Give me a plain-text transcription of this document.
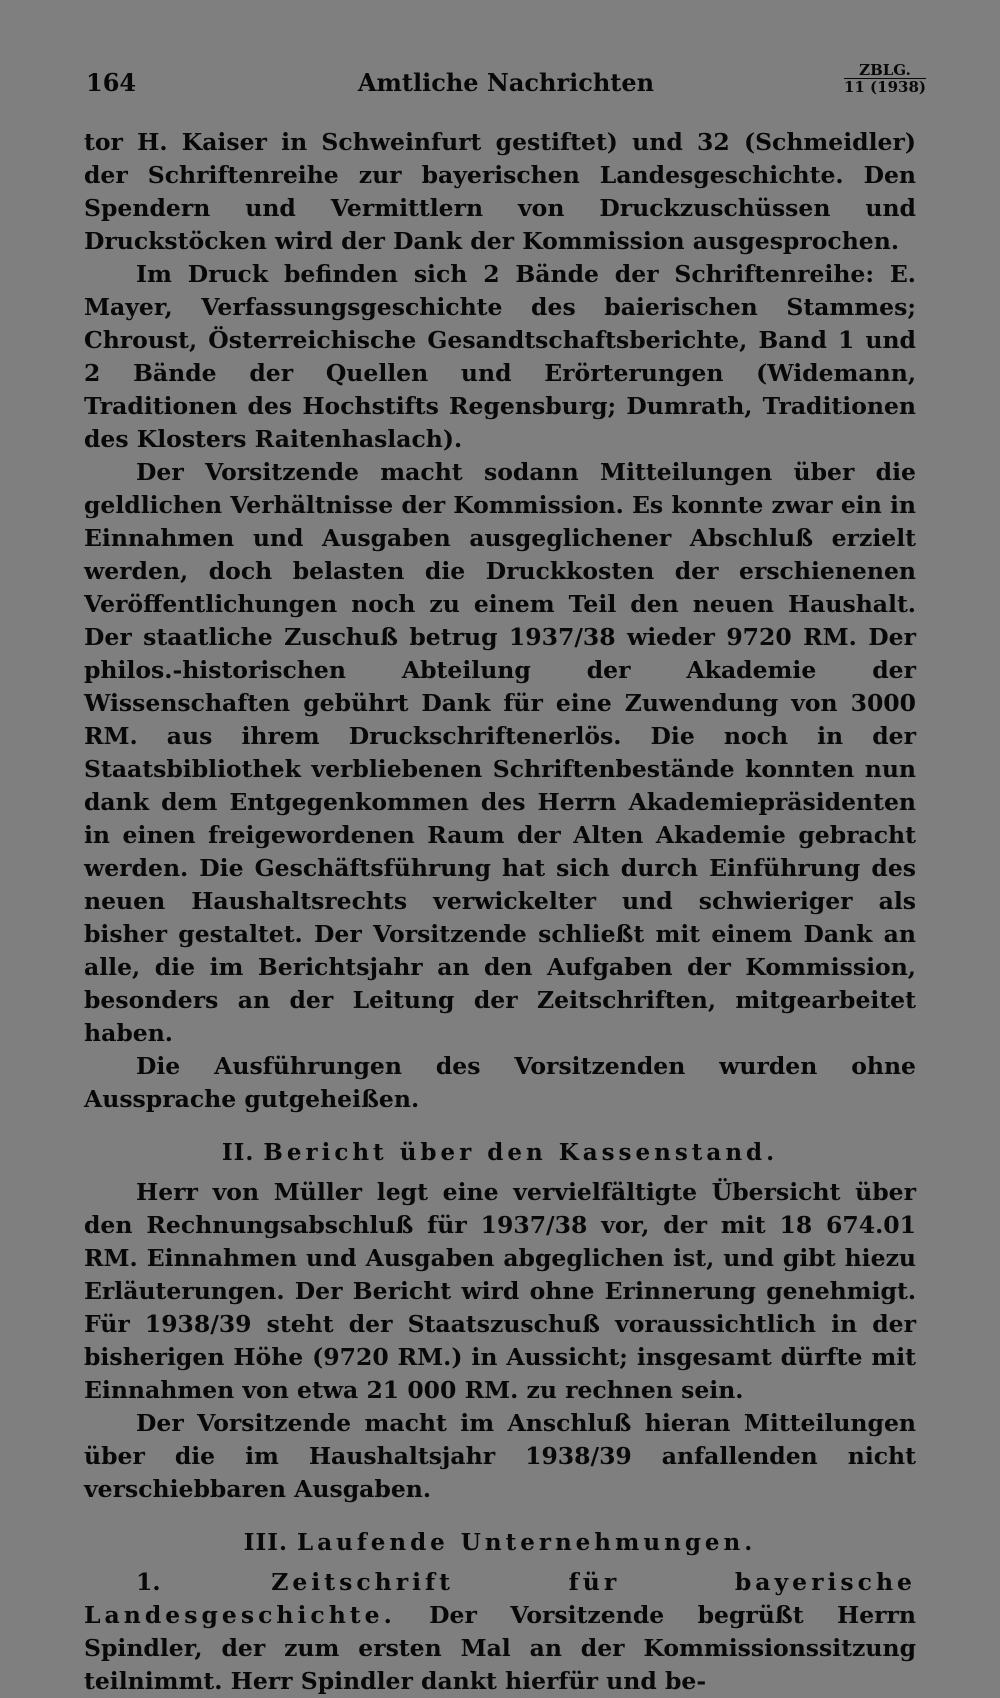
164	Amtliche Nachrichten	ZBLG.
11 (1938)

tor H. Kaiser in Schweinfurt gestiftet) und 32 (Schmeidler) der Schriftenreihe zur bayerischen Landesgeschichte. Den Spendern und Vermittlern von Druckzuschüssen und Druckstöcken wird der Dank der Kommission ausgesprochen.

Im Druck befinden sich 2 Bände der Schriftenreihe: E. Mayer, Verfassungsgeschichte des baierischen Stammes; Chroust, Österreichische Gesandtschaftsberichte, Band 1 und 2 Bände der Quellen und Erörterungen (Widemann, Traditionen des Hochstifts Regensburg; Dumrath, Traditionen des Klosters Raitenhaslach).

Der Vorsitzende macht sodann Mitteilungen über die geldlichen Verhältnisse der Kommission. Es konnte zwar ein in Einnahmen und Ausgaben ausgeglichener Abschluß erzielt werden, doch belasten die Druckkosten der erschienenen Veröffentlichungen noch zu einem Teil den neuen Haushalt. Der staatliche Zuschuß betrug 1937/38 wieder 9720 RM. Der philos.-historischen Abteilung der Akademie der Wissenschaften gebührt Dank für eine Zuwendung von 3000 RM. aus ihrem Druckschriftenerlös. Die noch in der Staatsbibliothek verbliebenen Schriftenbestände konnten nun dank dem Entgegenkommen des Herrn Akademiepräsidenten in einen freigewordenen Raum der Alten Akademie gebracht werden. Die Geschäftsführung hat sich durch Einführung des neuen Haushaltsrechts verwickelter und schwieriger als bisher gestaltet. Der Vorsitzende schließt mit einem Dank an alle, die im Berichtsjahr an den Aufgaben der Kommission, besonders an der Leitung der Zeitschriften, mitgearbeitet haben.

Die Ausführungen des Vorsitzenden wurden ohne Aussprache gutgeheißen.

II. Bericht über den Kassenstand.

Herr von Müller legt eine vervielfältigte Übersicht über den Rechnungsabschluß für 1937/38 vor, der mit 18 674.01 RM. Einnahmen und Ausgaben abgeglichen ist, und gibt hiezu Erläuterungen. Der Bericht wird ohne Erinnerung genehmigt. Für 1938/39 steht der Staatszuschuß voraussichtlich in der bisherigen Höhe (9720 RM.) in Aussicht; insgesamt dürfte mit Einnahmen von etwa 21 000 RM. zu rechnen sein.

Der Vorsitzende macht im Anschluß hieran Mitteilungen über die im Haushaltsjahr 1938/39 anfallenden nicht verschiebbaren Ausgaben.

III. Laufende Unternehmungen.

1.	Zeitschrift für bayerische Landesgeschichte. Der Vorsitzende begrüßt Herrn Spindler, der zum ersten Mal an der Kommissionssitzung teilnimmt. Herr Spindler dankt hierfür und be-
